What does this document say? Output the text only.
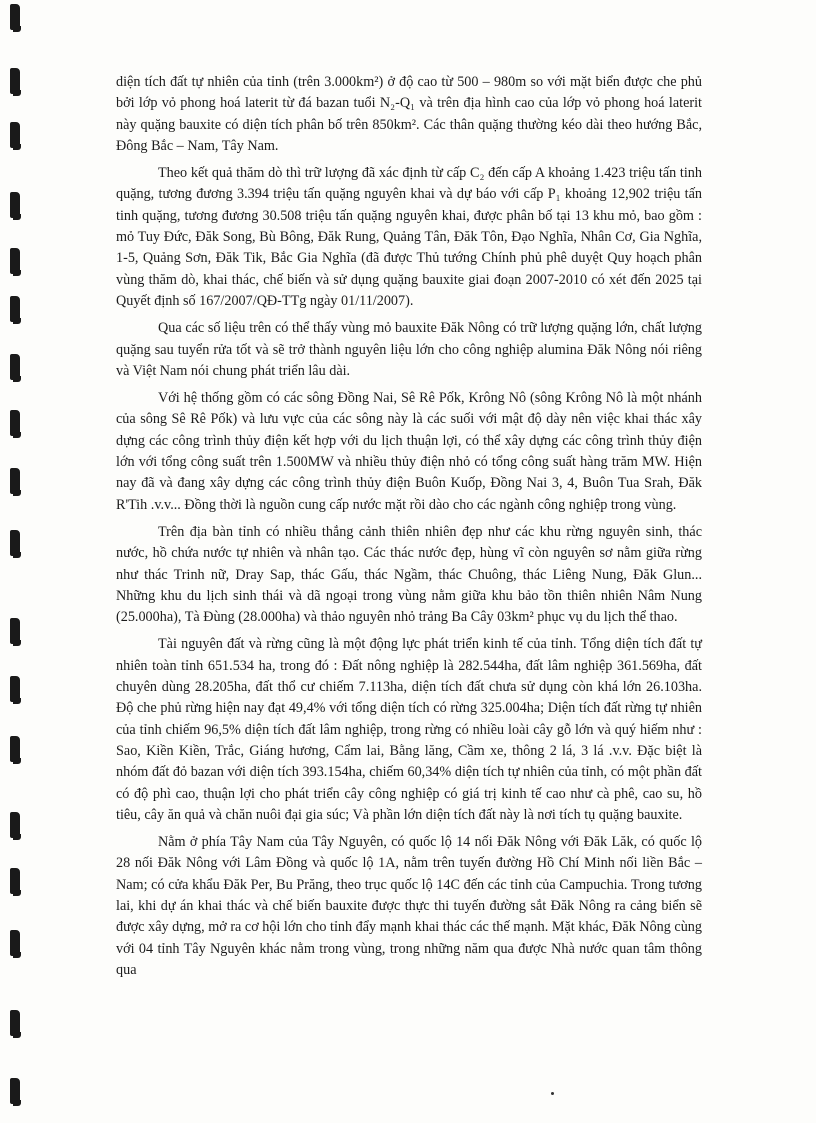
diện tích đất tự nhiên của tỉnh (trên 3.000km²) ở độ cao từ 500 – 980m so với mặt biển được che phủ bởi lớp vỏ phong hoá laterit từ đá bazan tuổi N₂-Q₁ và trên địa hình cao của lớp vỏ phong hoá laterit này quặng bauxite có diện tích phân bố trên 850km². Các thân quặng thường kéo dài theo hướng Bắc, Đông Bắc – Nam, Tây Nam.

Theo kết quả thăm dò thì trữ lượng đã xác định từ cấp C₂ đến cấp A khoảng 1.423 triệu tấn tinh quặng, tương đương 3.394 triệu tấn quặng nguyên khai và dự báo với cấp P₁ khoảng 12,902 triệu tấn tinh quặng, tương đương 30.508 triệu tấn quặng nguyên khai, được phân bố tại 13 khu mỏ, bao gồm : mỏ Tuy Đức, Đăk Song, Bù Bông, Đăk Rung, Quảng Tân, Đăk Tôn, Đạo Nghĩa, Nhân Cơ, Gia Nghĩa, 1-5, Quảng Sơn, Đăk Tik, Bắc Gia Nghĩa (đã được Thủ tướng Chính phủ phê duyệt Quy hoạch phân vùng thăm dò, khai thác, chế biến và sử dụng quặng bauxite giai đoạn 2007-2010 có xét đến 2025 tại Quyết định số 167/2007/QĐ-TTg ngày 01/11/2007).

Qua các số liệu trên có thể thấy vùng mỏ bauxite Đăk Nông có trữ lượng quặng lớn, chất lượng quặng sau tuyển rửa tốt và sẽ trở thành nguyên liệu lớn cho công nghiệp alumina Đăk Nông nói riêng và Việt Nam nói chung phát triển lâu dài.

Với hệ thống gồm có các sông Đồng Nai, Sê Rê Pốk, Krông Nô (sông Krông Nô là một nhánh của sông Sê Rê Pốk) và lưu vực của các sông này là các suối với mật độ dày nên việc khai thác xây dựng các công trình thủy điện kết hợp với du lịch thuận lợi, có thể xây dựng các công trình thủy điện lớn với tổng công suất trên 1.500MW và nhiều thủy điện nhỏ có tổng công suất hàng trăm MW. Hiện nay đã và đang xây dựng các công trình thủy điện Buôn Kuốp, Đồng Nai 3, 4, Buôn Tua Srah, Đăk R'Tih .v.v... Đồng thời là nguồn cung cấp nước mặt rồi dào cho các ngành công nghiệp trong vùng.

Trên địa bàn tỉnh có nhiều thắng cảnh thiên nhiên đẹp như các khu rừng nguyên sinh, thác nước, hồ chứa nước tự nhiên và nhân tạo. Các thác nước đẹp, hùng vĩ còn nguyên sơ nằm giữa rừng như thác Trinh nữ, Dray Sap, thác Gấu, thác Ngầm, thác Chuông, thác Liêng Nung, Đăk Glun... Những khu du lịch sinh thái và dã ngoại trong vùng nằm giữa khu bảo tồn thiên nhiên Nâm Nung (25.000ha), Tà Đùng (28.000ha) và thảo nguyên nhỏ trảng Ba Cây 03km² phục vụ du lịch thể thao.

Tài nguyên đất và rừng cũng là một động lực phát triển kinh tế của tỉnh. Tổng diện tích đất tự nhiên toàn tỉnh 651.534 ha, trong đó : Đất nông nghiệp là 282.544ha, đất lâm nghiệp 361.569ha, đất chuyên dùng 28.205ha, đất thổ cư chiếm 7.113ha, diện tích đất chưa sử dụng còn khá lớn 26.103ha. Độ che phủ rừng hiện nay đạt 49,4% với tổng diện tích có rừng 325.004ha; Diện tích đất rừng tự nhiên của tỉnh chiếm 96,5% diện tích đất lâm nghiệp, trong rừng có nhiều loài cây gỗ lớn và quý hiếm như : Sao, Kiền Kiền, Trắc, Giáng hương, Cẩm lai, Bằng lăng, Cầm xe, thông 2 lá, 3 lá .v.v. Đặc biệt là nhóm đất đỏ bazan với diện tích 393.154ha, chiếm 60,34% diện tích tự nhiên của tỉnh, có một phần đất có độ phì cao, thuận lợi cho phát triển cây công nghiệp có giá trị kinh tế cao như cà phê, cao su, hồ tiêu, cây ăn quả và chăn nuôi đại gia súc; Và phần lớn diện tích đất này là nơi tích tụ quặng bauxite.

Nằm ở phía Tây Nam của Tây Nguyên, có quốc lộ 14 nối Đăk Nông với Đăk Lăk, có quốc lộ 28 nối Đăk Nông với Lâm Đồng và quốc lộ 1A, nằm trên tuyến đường Hồ Chí Minh nối liền Bắc – Nam; có cửa khẩu Đăk Per, Bu Prăng, theo trục quốc lộ 14C đến các tỉnh của Campuchia. Trong tương lai, khi dự án khai thác và chế biến bauxite được thực thi tuyến đường sắt Đăk Nông ra cảng biển sẽ được xây dựng, mở ra cơ hội lớn cho tỉnh đẩy mạnh khai thác các thế mạnh. Mặt khác, Đăk Nông cùng với 04 tỉnh Tây Nguyên khác nằm trong vùng, trong những năm qua được Nhà nước quan tâm thông qua
